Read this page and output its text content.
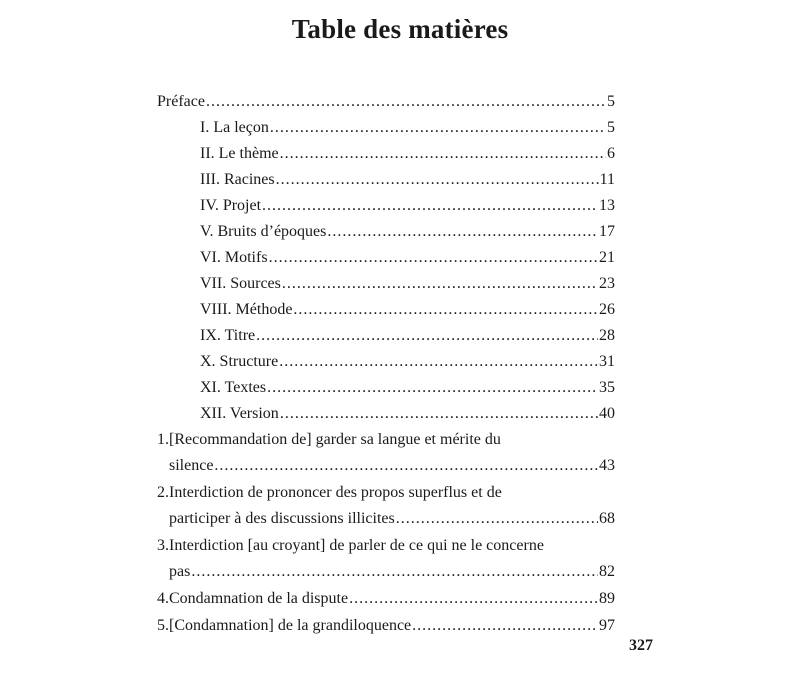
Table des matières
Préface .....	5
I. La leçon .....	5
II. Le thème .....	6
III. Racines .....	11
IV. Projet .....	13
V. Bruits d’époques .....	17
VI. Motifs .....	21
VII. Sources .....	23
VIII. Méthode .....	26
IX. Titre .....	28
X. Structure .....	31
XI. Textes .....	35
XII. Version .....	40
1. [Recommandation de] garder sa langue et mérite du
silence .....	43
2. Interdiction de prononcer des propos superflus et de
participer à des discussions illicites .....	68
3. Interdiction [au croyant] de parler de ce qui ne le concerne
pas .....	82
4. Condamnation de la dispute .....	89
5. [Condamnation] de la grandiloquence .....	97
327
